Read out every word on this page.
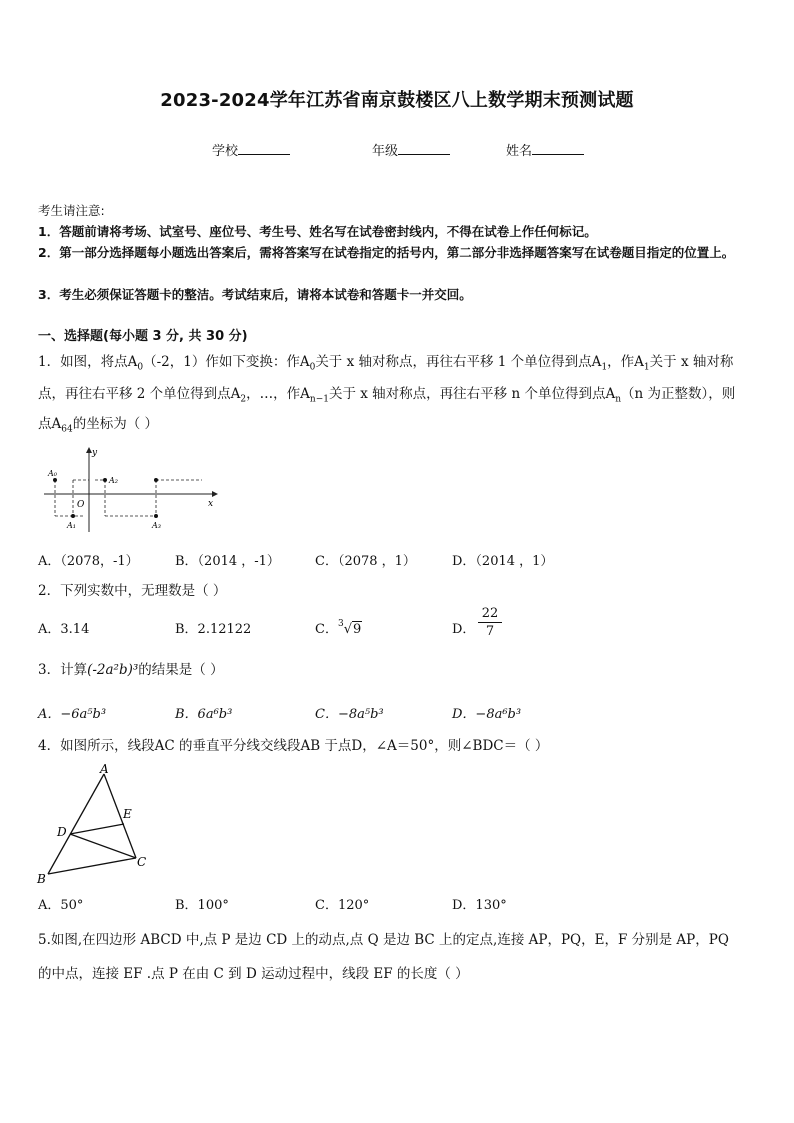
2023-2024学年江苏省南京鼓楼区八上数学期末预测试题
学校	年级	姓名
考生请注意:
1．答题前请将考场、试室号、座位号、考生号、姓名写在试卷密封线内，不得在试卷上作任何标记。
2．第一部分选择题每小题选出答案后，需将答案写在试卷指定的括号内，第二部分非选择题答案写在试卷题目指定的位置上。
3．考生必须保证答题卡的整洁。考试结束后，请将本试卷和答题卡一并交回。
一、选择题(每小题 3 分, 共 30 分)
1．如图，将点$A_0(-2$，1）作如下变换：作$A_0$关于 x 轴对称点，再往右平移 1 个单位得到点$A_1$，作$A_1$关于 x 轴对称
点，再往右平移 2 个单位得到点$A_2$，…，作$A_{n-1}$关于 x 轴对称点，再往右平移 n 个单位得到点$A_n(n$ 为正整数），则
点$A_{64}$的坐标为（ ）
y
x
O
A₀
A₁
A₂
A₃
A．（2078，-1）	B．（2014 ，-1）	C．（2078 ，1）	D．（2014 ，1）
2．下列实数中，无理数是（ ）
A．3.14	B．2.12122	C．$^3$√9	D． $\frac{22}{7}$
3．计算(-2a²b)³的结果是（ ）
A．−6a⁵b³	B．6a⁶b³	C．−8a⁵b³	D．−8a⁶b³
4．如图所示，线段AC 的垂直平分线交线段AB 于点D，∠A＝50°，则∠BDC＝（ ）
A
B
C
D
E
A．50°	B．100°	C．120°	D．130°
5.如图,在四边形 ABCD 中,点 P 是边 CD 上的动点,点 Q 是边 BC 上的定点,连接 AP，PQ，E，F 分别是 AP，PQ
的中点，连接 EF .点 P 在由 C 到 D 运动过程中，线段 EF 的长度（ ）
